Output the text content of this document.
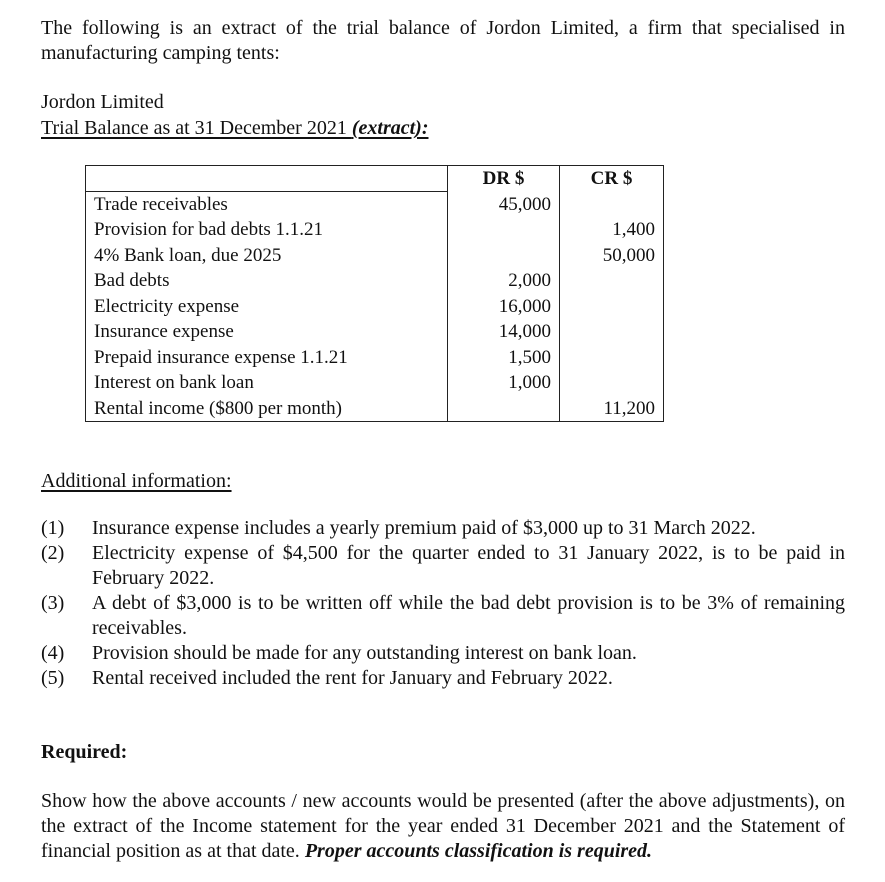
The following is an extract of the trial balance of Jordon Limited, a firm that specialised in manufacturing camping tents:
Jordon Limited
Trial Balance as at 31 December 2021 (extract):
	DR $	CR $
Trade receivables	45,000	
Provision for bad debts 1.1.21		1,400
4% Bank loan, due 2025		50,000
Bad debts	2,000	
Electricity expense	16,000	
Insurance expense	14,000	
Prepaid insurance expense 1.1.21	1,500	
Interest on bank loan	1,000	
Rental income ($800 per month)		11,200
Additional information:
(1)	Insurance expense includes a yearly premium paid of $3,000 up to 31 March 2022.
(2)	Electricity expense of $4,500 for the quarter ended to 31 January 2022, is to be paid in February 2022.
(3)	A debt of $3,000 is to be written off while the bad debt provision is to be 3% of remaining receivables.
(4)	Provision should be made for any outstanding interest on bank loan.
(5)	Rental received included the rent for January and February 2022.
Required:
Show how the above accounts / new accounts would be presented (after the above adjustments), on the extract of the Income statement for the year ended 31 December 2021 and the Statement of financial position as at that date. Proper accounts classification is required.
